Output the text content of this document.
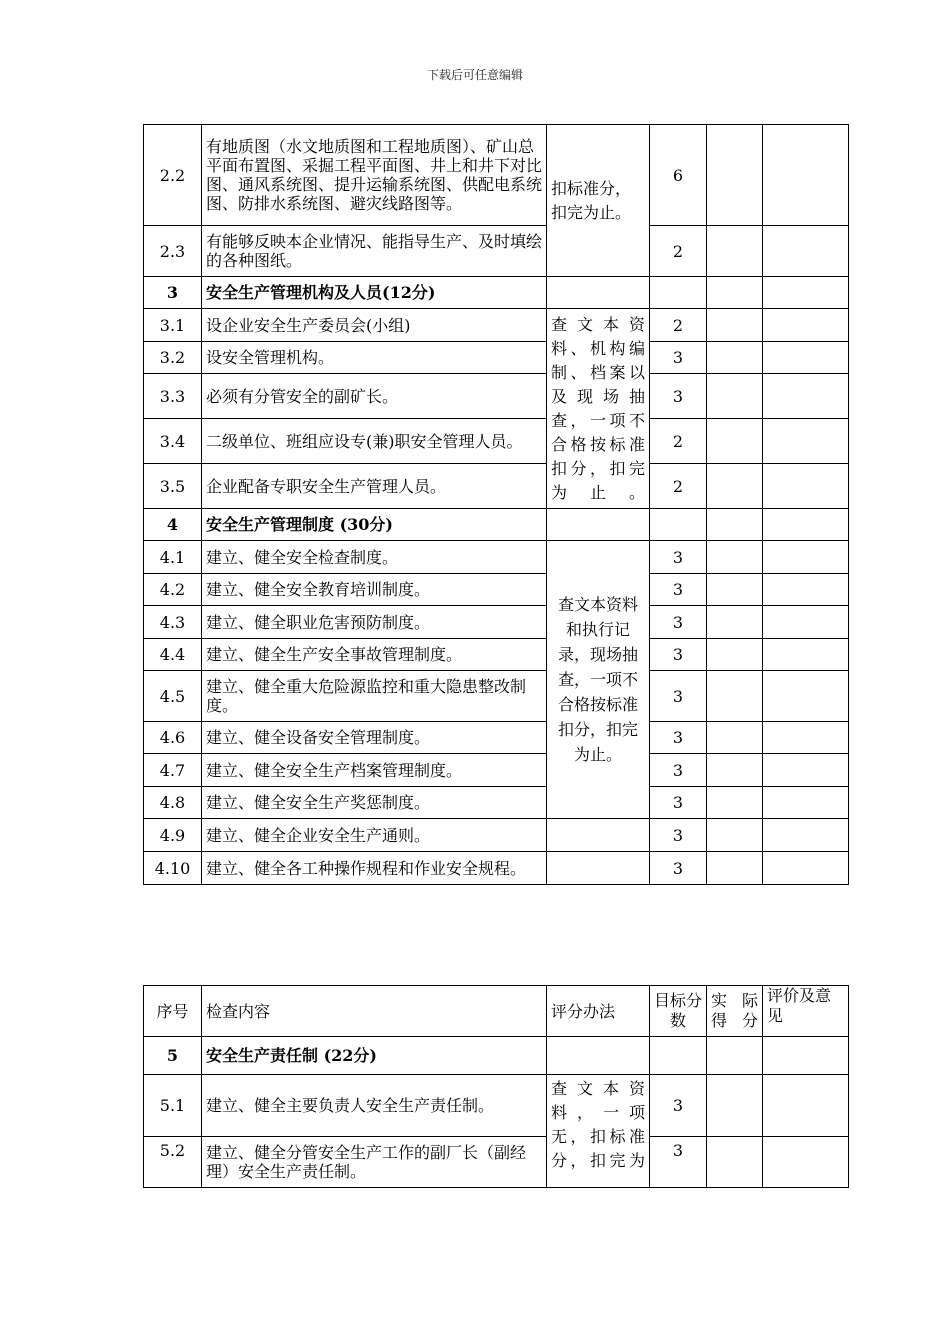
下载后可任意编辑
2.2	有地质图（水文地质图和工程地质图）、矿山总平面布置图、采掘工程平面图、井上和井下对比图、通风系统图、提升运输系统图、供配电系统图、防排水系统图、避灾线路图等。	扣标准分，扣完为止。	6		
2.3	有能够反映本企业情况、能指导生产、及时填绘的各种图纸。		2		
3	安全生产管理机构及人员(12分)				
3.1	设企业安全生产委员会(小组)	查文本资料、机构编制、档案以及现场抽查，一项不合格按标准扣分，扣完为止。	2		
3.2	设安全管理机构。		3		
3.3	必须有分管安全的副矿长。		3		
3.4	二级单位、班组应设专(兼)职安全管理人员。		2		
3.5	企业配备专职安全生产管理人员。		2		
4	安全生产管理制度 (30分)				
4.1	建立、健全安全检查制度。	查文本资料和执行记录，现场抽查，一项不合格按标准扣分，扣完为止。	3		
4.2	建立、健全安全教育培训制度。		3		
4.3	建立、健全职业危害预防制度。		3		
4.4	建立、健全生产安全事故管理制度。		3		
4.5	建立、健全重大危险源监控和重大隐患整改制度。		3		
4.6	建立、健全设备安全管理制度。		3		
4.7	建立、健全安全生产档案管理制度。		3		
4.8	建立、健全安全生产奖惩制度。		3		
4.9	建立、健全企业安全生产通则。		3		
4.10	建立、健全各工种操作规程和作业安全规程。		3		
序号	检查内容	评分办法	目标分数	实际得分	评价及意见
5	安全生产责任制 (22分)				
5.1	建立、健全主要负责人安全生产责任制。	查文本资料，一项无，扣标准分，扣完为	3		
5.2	建立、健全分管安全生产工作的副厂长（副经理）安全生产责任制。		3		
